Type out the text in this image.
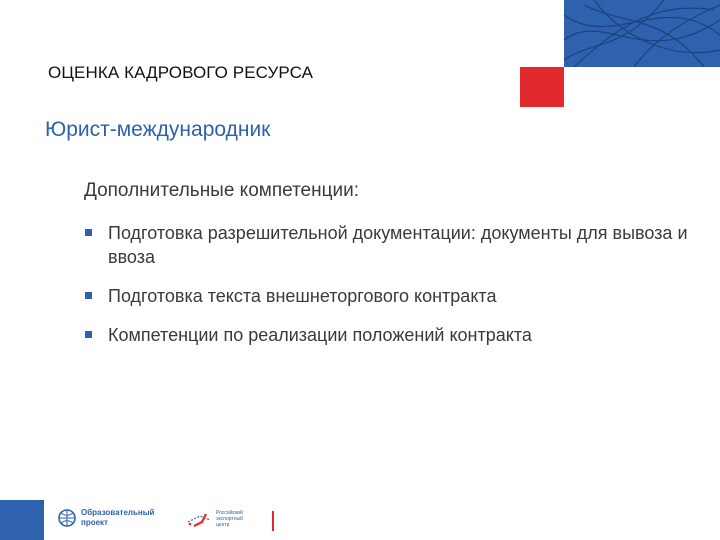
ОЦЕНКА КАДРОВОГО РЕСУРСА
Юрист-международник
Дополнительные компетенции:
Подготовка разрешительной документации: документы для вывоза и ввоза
Подготовка текста внешнеторгового контракта
Компетенции по реализации положений контракта
Образовательный
проект
Российский
экспортный
центр
